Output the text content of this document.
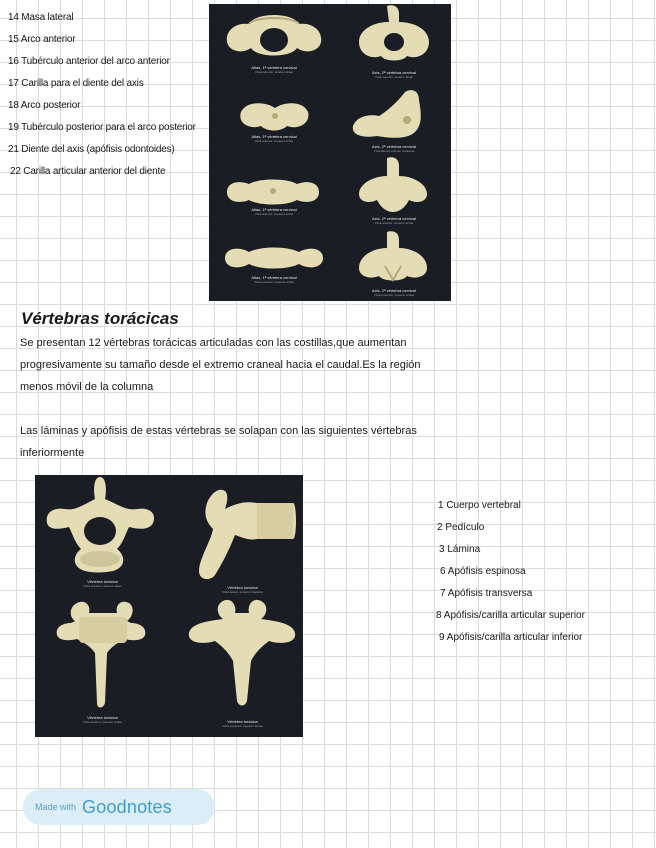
14 Masa lateral
15 Arco anterior
16 Tubérculo anterior del arco anterior
17 Carilla para el diente del axis
18 Arco posterior
19 Tubérculo posterior para el arco posterior
21 Diente del axis (apófisis odontoides)
22 Carilla articular anterior del diente
Atlas, 1ª vértebra cervical
Vista superior, anterior abajo	Axis, 2ª vértebra cervical
Vista superior, anterior abajo
Atlas, 1ª vértebra cervical
Vista anterior, superior arriba
Axis, 2ª vértebra cervical
Vista lateral, anterior izquierda
Atlas, 1ª vértebra cervical
Vista anterior, superior arriba
Axis, 2ª vértebra cervical
Vista anterior, superior arriba
Atlas, 1ª vértebra cervical
Vista posterior, superior arriba
Axis, 2ª vértebra cervical
Vista posterior, superior arriba
Vértebras torácicas
Se presentan 12 vértebras torácicas articuladas con las costillas,que aumentan
progresivamente su tamaño desde el extremo craneal hacia el caudal.Es la región
menos móvil de la columna
Las láminas y apófisis de estas vértebras se solapan con las siguientes vértebras
inferiormente
Vértebra torácica
Vista superior, anterior abajo	Vértebra torácica
Vista lateral, anterior izquierda
Vértebra torácica
Vista anterior, superior arriba	Vértebra torácica
Vista posterior, superior arriba
1 Cuerpo vertebral
2 Pedículo
3 Lámina
6 Apófisis espinosa
7 Apófisis transversa
8 Apófisis/carilla articular superior
9 Apófisis/carilla articular inferior
Made with Goodnotes
